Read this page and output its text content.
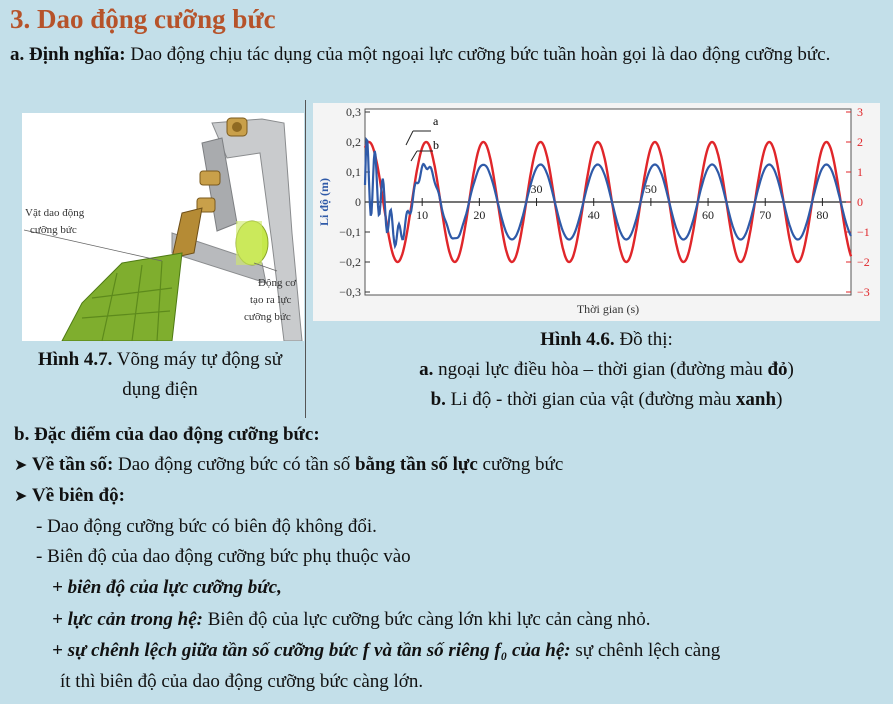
3. Dao động cưỡng bức
a. Định nghĩa: Dao động chịu tác dụng của một ngoại lực cưỡng bức tuần hoàn gọi là dao động cưỡng bức.
Vật dao động
cưỡng bức
Động cơ
tạo ra lực
cưỡng bức
Hình 4.7. Võng máy tự động sử dụng điện
0,3
0,2
0,1
0
−0,1
−0,2
−0,3
3
2
1
0
−1
−2
−3
10	20
30
40
50
60	70	80
a
b
Li độ (m)
Thời gian (s)
Hình 4.6. Đồ thị:
a. ngoại lực điều hòa – thời gian (đường màu đỏ)
b. Li độ - thời gian của vật (đường màu xanh)
b. Đặc điểm của dao động cưỡng bức:
➤ Về tần số: Dao động cưỡng bức có tần số bằng tần số lực cưỡng bức
➤ Về biên độ:
- Dao động cưỡng bức có biên độ không đổi.
- Biên độ của dao động cưỡng bức phụ thuộc vào
+ biên độ của lực cưỡng bức,
+ lực cản trong hệ: Biên độ của lực cưỡng bức càng lớn khi lực cản càng nhỏ.
+ sự chênh lệch giữa tần số cưỡng bức f và tần số riêng f₀ của hệ: sự chênh lệch càng
ít thì biên độ của dao động cưỡng bức càng lớn.
